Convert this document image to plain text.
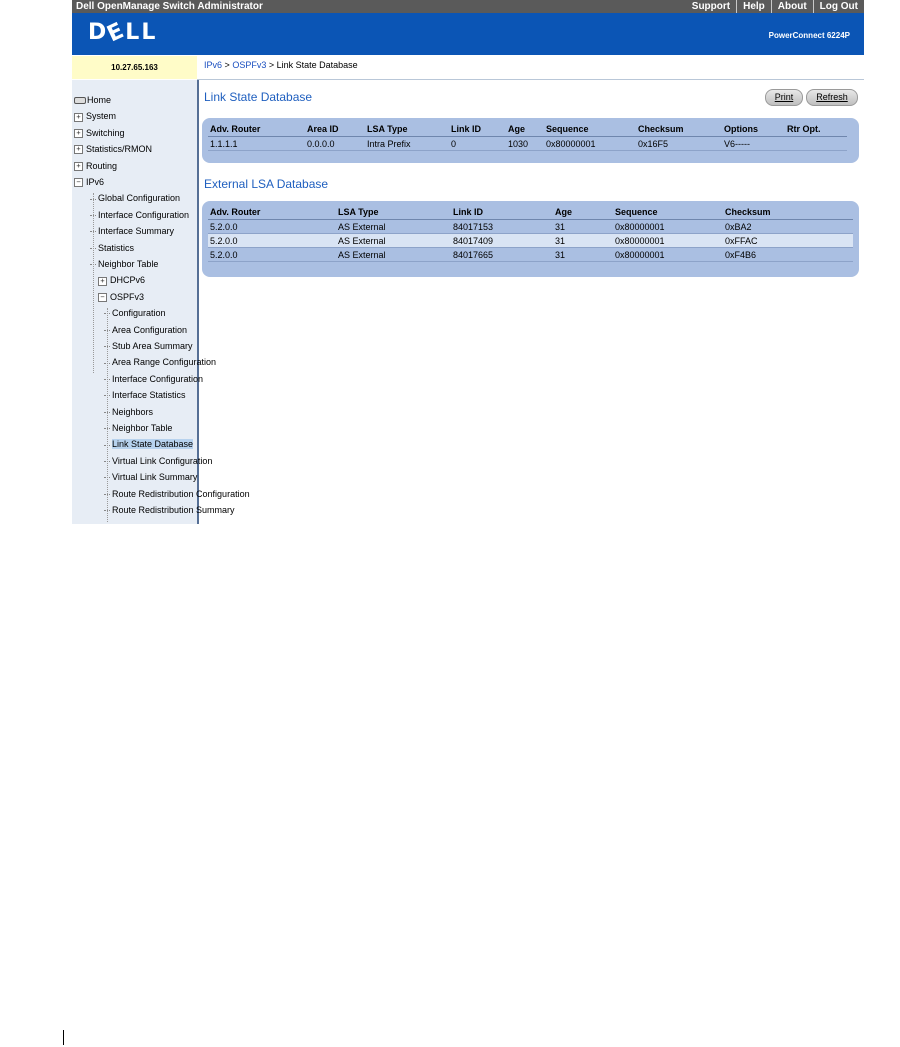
Dell OpenManage Switch Administrator	Support	Help	About	Log Out
DELL	PowerConnect 6224P
10.27.65.163	IPv6 > OSPFv3 > Link State Database
Home
+ System
+ Switching
+ Statistics/RMON
+ Routing
− IPv6
Global Configuration
Interface Configuration
Interface Summary
Statistics
Neighbor Table
+ DHCPv6
− OSPFv3
Configuration
Area Configuration
Stub Area Summary
Area Range Configuration
Interface Configuration
Interface Statistics
Neighbors
Neighbor Table
Link State Database
Virtual Link Configuration
Virtual Link Summary
Route Redistribution Configuration
Route Redistribution Summary
Link State Database	Print	Refresh
Adv. Router	Area ID	LSA Type	Link ID	Age	Sequence	Checksum	Options	Rtr Opt.
1.1.1.1	0.0.0.0	Intra Prefix	0	1030	0x80000001	0x16F5	V6-----
External LSA Database
Adv. Router	LSA Type	Link ID	Age	Sequence	Checksum
5.2.0.0	AS External	84017153	31	0x80000001	0xBA2
5.2.0.0	AS External	84017409	31	0x80000001	0xFFAC
5.2.0.0	AS External	84017665	31	0x80000001	0xF4B6
